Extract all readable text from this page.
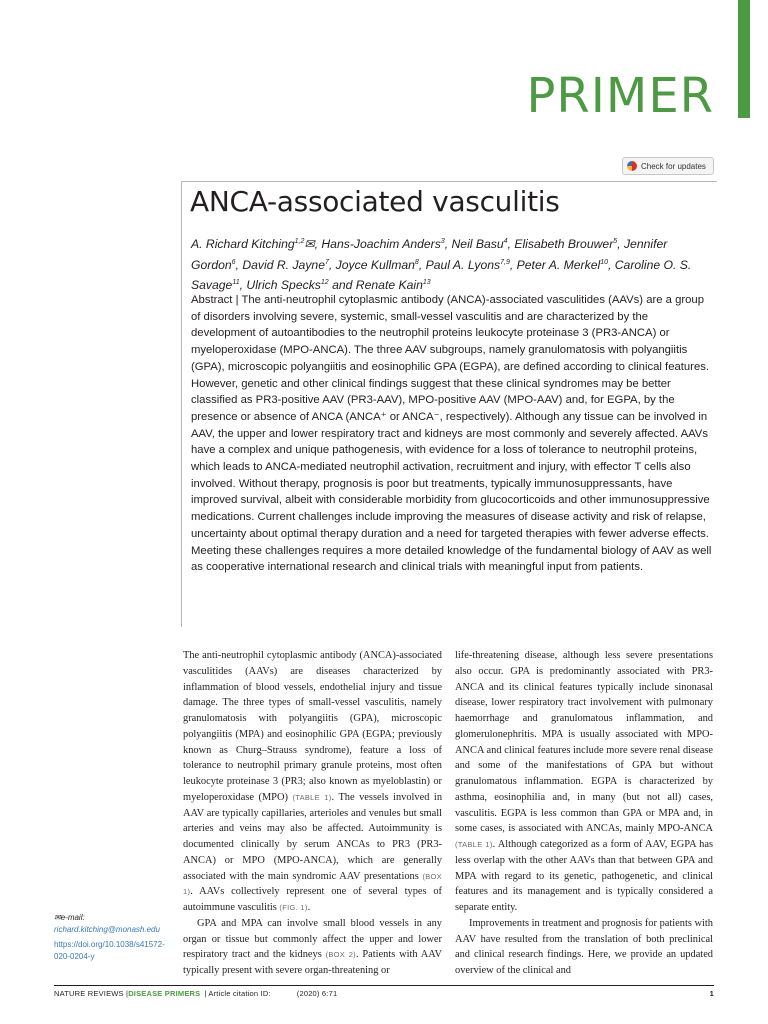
PRIMER
Check for updates
ANCA-associated vasculitis
A. Richard Kitching$^{1,2}$✉, Hans-Joachim Anders$^3$, Neil Basu$^4$, Elisabeth Brouwer$^5$, Jennifer Gordon$^6$, David R. Jayne$^7$, Joyce Kullman$^8$, Paul A. Lyons$^{7,9}$, Peter A. Merkel$^{10}$, Caroline O. S. Savage$^{11}$, Ulrich Specks$^{12}$ and Renate Kain$^{13}$

Abstract | The anti-neutrophil cytoplasmic antibody (ANCA)-associated vasculitides (AAVs) are a group of disorders involving severe, systemic, small-vessel vasculitis and are characterized by the development of autoantibodies to the neutrophil proteins leukocyte proteinase 3 (PR3-ANCA) or myeloperoxidase (MPO-ANCA). The three AAV subgroups, namely granulomatosis with polyangiitis (GPA), microscopic polyangiitis and eosinophilic GPA (EGPA), are defined according to clinical features. However, genetic and other clinical findings suggest that these clinical syndromes may be better classified as PR3-positive AAV (PR3-AAV), MPO-positive AAV (MPO-AAV) and, for EGPA, by the presence or absence of ANCA (ANCA⁺ or ANCA⁻, respectively). Although any tissue can be involved in AAV, the upper and lower respiratory tract and kidneys are most commonly and severely affected. AAVs have a complex and unique pathogenesis, with evidence for a loss of tolerance to neutrophil proteins, which leads to ANCA-mediated neutrophil activation, recruitment and injury, with effector T cells also involved. Without therapy, prognosis is poor but treatments, typically immunosuppressants, have improved survival, albeit with considerable morbidity from glucocorticoids and other immunosuppressive medications. Current challenges include improving the measures of disease activity and risk of relapse, uncertainty about optimal therapy duration and a need for targeted therapies with fewer adverse effects. Meeting these challenges requires a more detailed knowledge of the fundamental biology of AAV as well as cooperative international research and clinical trials with meaningful input from patients.

The anti-neutrophil cytoplasmic antibody (ANCA)-associated vasculitides (AAVs) are diseases characterized by inflammation of blood vessels, endothelial injury and tissue damage. The three types of small-vessel vasculitis, namely granulomatosis with polyangiitis (GPA), microscopic polyangiitis (MPA) and eosinophilic GPA (EGPA; previously known as Churg–Strauss syndrome), feature a loss of tolerance to neutrophil primary granule proteins, most often leukocyte proteinase 3 (PR3; also known as myeloblastin) or myeloperoxidase (MPO) (TABLE 1). The vessels involved in AAV are typically capillaries, arterioles and venules but small arteries and veins may also be affected. Autoimmunity is documented clinically by serum ANCAs to PR3 (PR3-ANCA) or MPO (MPO-ANCA), which are generally associated with the main syndromic AAV presentations (BOX 1). AAVs collectively represent one of several types of autoimmune vasculitis (FIG. 1).

GPA and MPA can involve small blood vessels in any organ or tissue but commonly affect the upper and lower respiratory tract and the kidneys (BOX 2). Patients with AAV typically present with severe organ-threatening or

life-threatening disease, although less severe presentations also occur. GPA is predominantly associated with PR3-ANCA and its clinical features typically include sinonasal disease, lower respiratory tract involvement with pulmonary haemorrhage and granulomatous inflammation, and glomerulonephritis. MPA is usually associated with MPO-ANCA and clinical features include more severe renal disease and some of the manifestations of GPA but without granulomatous inflammation. EGPA is characterized by asthma, eosinophilia and, in many (but not all) cases, vasculitis. EGPA is less common than GPA or MPA and, in some cases, is associated with ANCAs, mainly MPO-ANCA (TABLE 1). Although categorized as a form of AAV, EGPA has less overlap with the other AAVs than that between GPA and MPA with regard to its genetic, pathogenetic, and clinical features and its management and is typically considered a separate entity.

Improvements in treatment and prognosis for patients with AAV have resulted from the translation of both preclinical and clinical research findings. Here, we provide an updated overview of the clinical and

✉e-mail: richard.kitching@monash.edu
https://doi.org/10.1038/s41572-020-0204-y
NATURE REVIEWS | DISEASE PRIMERS | Article citation ID:	(2020) 6:71	1
